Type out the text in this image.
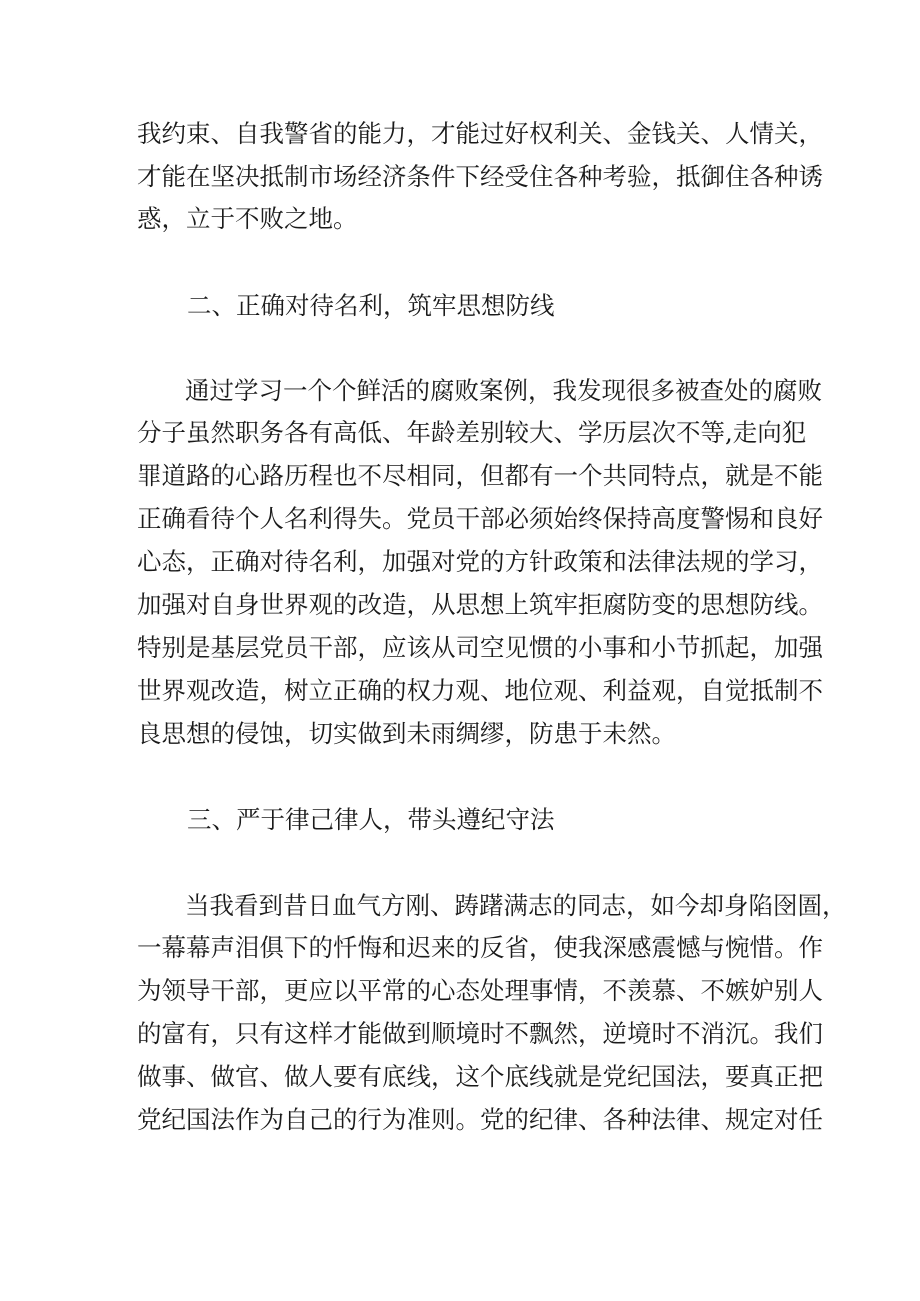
我约束、自我警省的能力，才能过好权利关、金钱关、人情关，
才能在坚决抵制市场经济条件下经受住各种考验，抵御住各种诱
惑，立于不败之地。
二、正确对待名利，筑牢思想防线
通过学习一个个鲜活的腐败案例，我发现很多被查处的腐败
分子虽然职务各有高低、年龄差别较大、学历层次不等,走向犯
罪道路的心路历程也不尽相同，但都有一个共同特点，就是不能
正确看待个人名利得失。党员干部必须始终保持高度警惕和良好
心态，正确对待名利，加强对党的方针政策和法律法规的学习，
加强对自身世界观的改造，从思想上筑牢拒腐防变的思想防线。
特别是基层党员干部，应该从司空见惯的小事和小节抓起，加强
世界观改造，树立正确的权力观、地位观、利益观，自觉抵制不
良思想的侵蚀，切实做到未雨绸缪，防患于未然。
三、严于律己律人，带头遵纪守法
当我看到昔日血气方刚、踌躇满志的同志，如今却身陷囹圄，
一幕幕声泪俱下的忏悔和迟来的反省，使我深感震憾与惋惜。作
为领导干部，更应以平常的心态处理事情，不羡慕、不嫉妒别人
的富有，只有这样才能做到顺境时不飘然，逆境时不消沉。我们
做事、做官、做人要有底线，这个底线就是党纪国法，要真正把
党纪国法作为自己的行为准则。党的纪律、各种法律、规定对任
